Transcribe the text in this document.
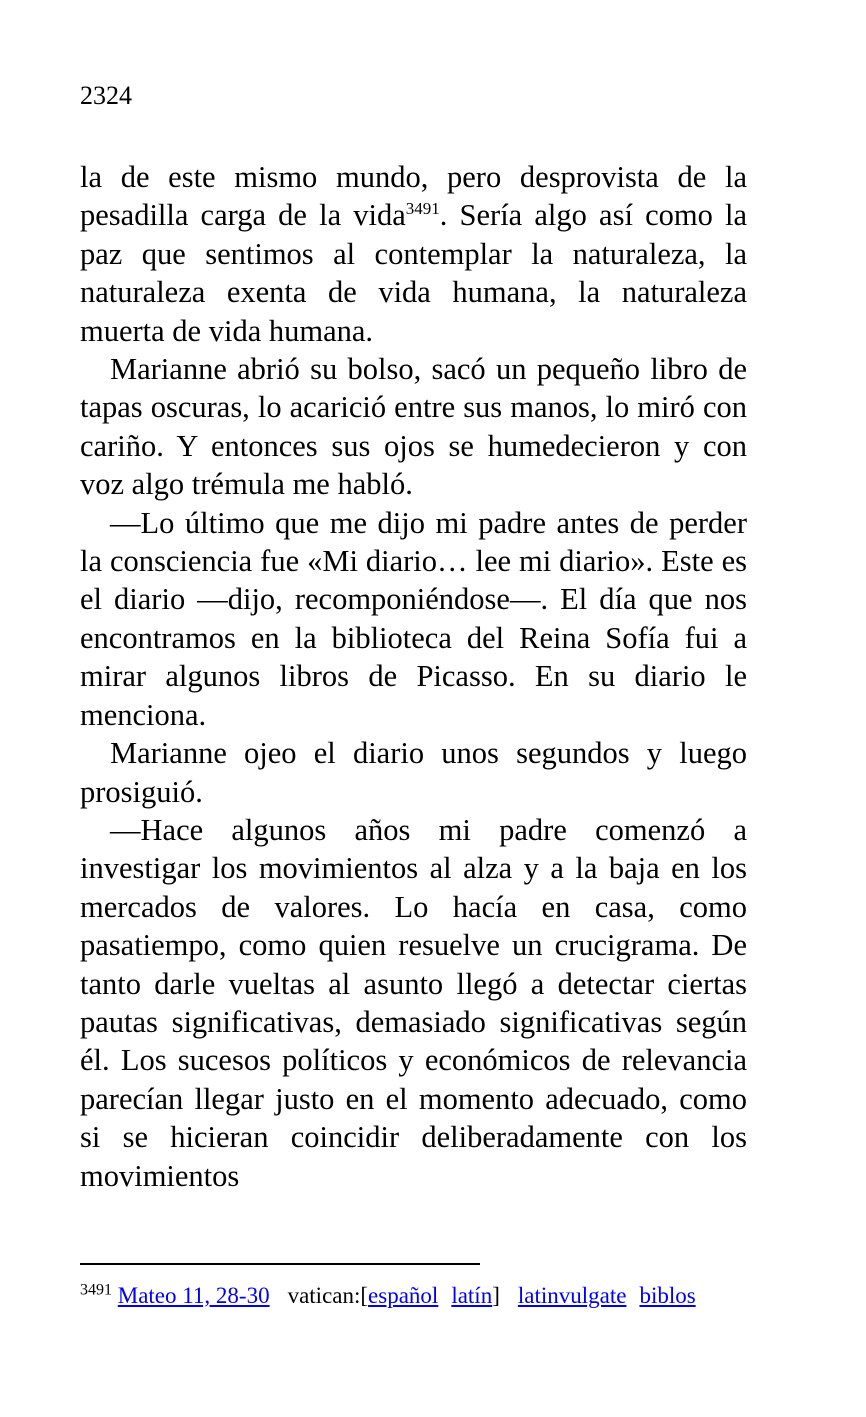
2324

la de este mismo mundo, pero desprovista de la pesadilla carga de la vida$^{3491}$. Sería algo así como la paz que sentimos al contemplar la naturaleza, la naturaleza exenta de vida humana, la naturaleza muerta de vida humana.

Marianne abrió su bolso, sacó un pequeño libro de tapas oscuras, lo acarició entre sus manos, lo miró con cariño. Y entonces sus ojos se humedecieron y con voz algo trémula me habló.

—Lo último que me dijo mi padre antes de perder la consciencia fue «Mi diario… lee mi diario». Este es el diario —dijo, recomponiéndose—. El día que nos encontramos en la biblioteca del Reina Sofía fui a mirar algunos libros de Picasso. En su diario le menciona.

Marianne ojeo el diario unos segundos y luego prosiguió.

—Hace algunos años mi padre comenzó a investigar los movimientos al alza y a la baja en los mercados de valores. Lo hacía en casa, como pasatiempo, como quien resuelve un crucigrama. De tanto darle vueltas al asunto llegó a detectar ciertas pautas significativas, demasiado significativas según él. Los sucesos políticos y económicos de relevancia parecían llegar justo en el momento adecuado, como si se hicieran coincidir deliberadamente con los movimientos

$^{3491}$ Mateo 11, 28-30 vatican:[español latín] latinvulgate biblos
